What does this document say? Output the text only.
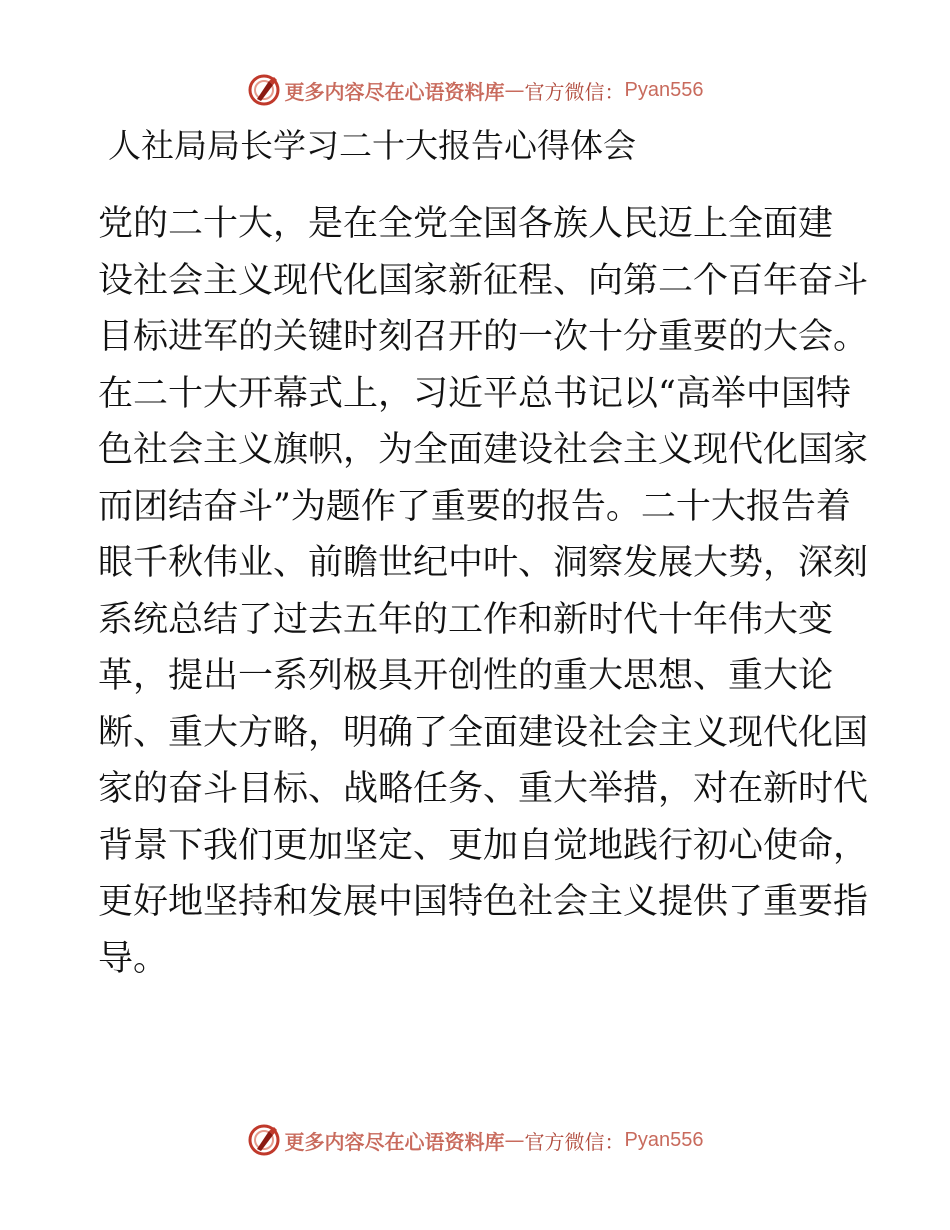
更多内容尽在心语资料库 — 官方微信： Pyan556
人社局局长学习二十大报告心得体会
党的二十大，是在全党全国各族人民迈上全面建
设社会主义现代化国家新征程、向第二个百年奋斗
目标进军的关键时刻召开的一次十分重要的大会。
在二十大开幕式上，习近平总书记以“高举中国特
色社会主义旗帜，为全面建设社会主义现代化国家
而团结奋斗”为题作了重要的报告。二十大报告着
眼千秋伟业、前瞻世纪中叶、洞察发展大势，深刻
系统总结了过去五年的工作和新时代十年伟大变
革，提出一系列极具开创性的重大思想、重大论
断、重大方略，明确了全面建设社会主义现代化国
家的奋斗目标、战略任务、重大举措，对在新时代
背景下我们更加坚定、更加自觉地践行初心使命，
更好地坚持和发展中国特色社会主义提供了重要指
导。
更多内容尽在心语资料库 — 官方微信： Pyan556
